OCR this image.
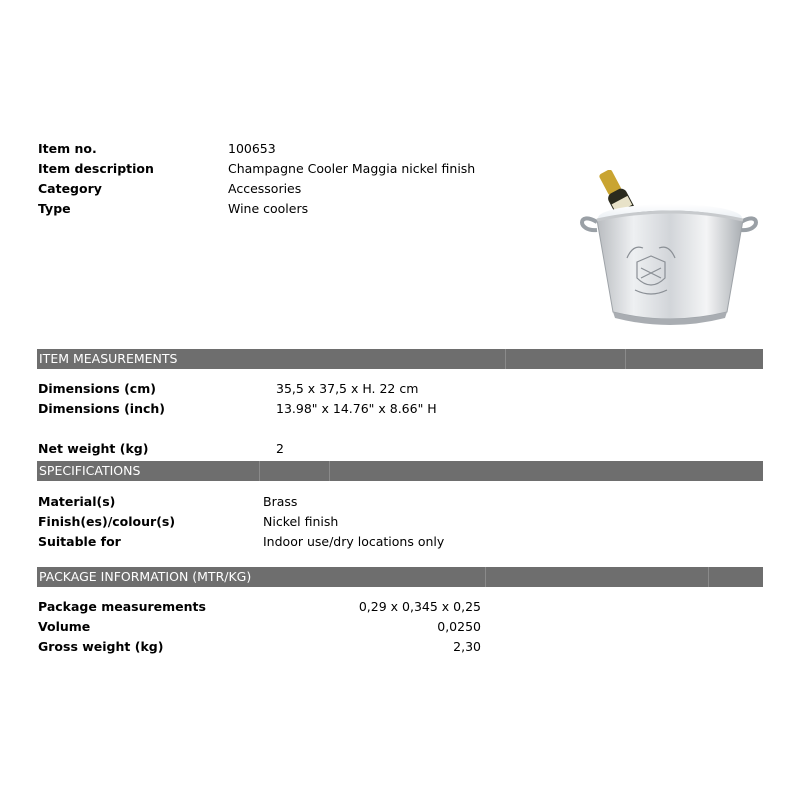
Item no.	100653
Item description	Champagne Cooler Maggia nickel finish
Category	Accessories
Type	Wine coolers
ITEM MEASUREMENTS
Dimensions (cm)	35,5 x 37,5 x H. 22 cm
Dimensions (inch)	13.98" x 14.76" x 8.66" H
Net weight (kg)	2
SPECIFICATIONS
Material(s)	Brass
Finish(es)/colour(s)	Nickel finish
Suitable for	Indoor use/dry locations only
PACKAGE INFORMATION (MTR/KG)
Package measurements	0,29 x 0,345 x 0,25
Volume	0,0250
Gross weight (kg)	2,30
